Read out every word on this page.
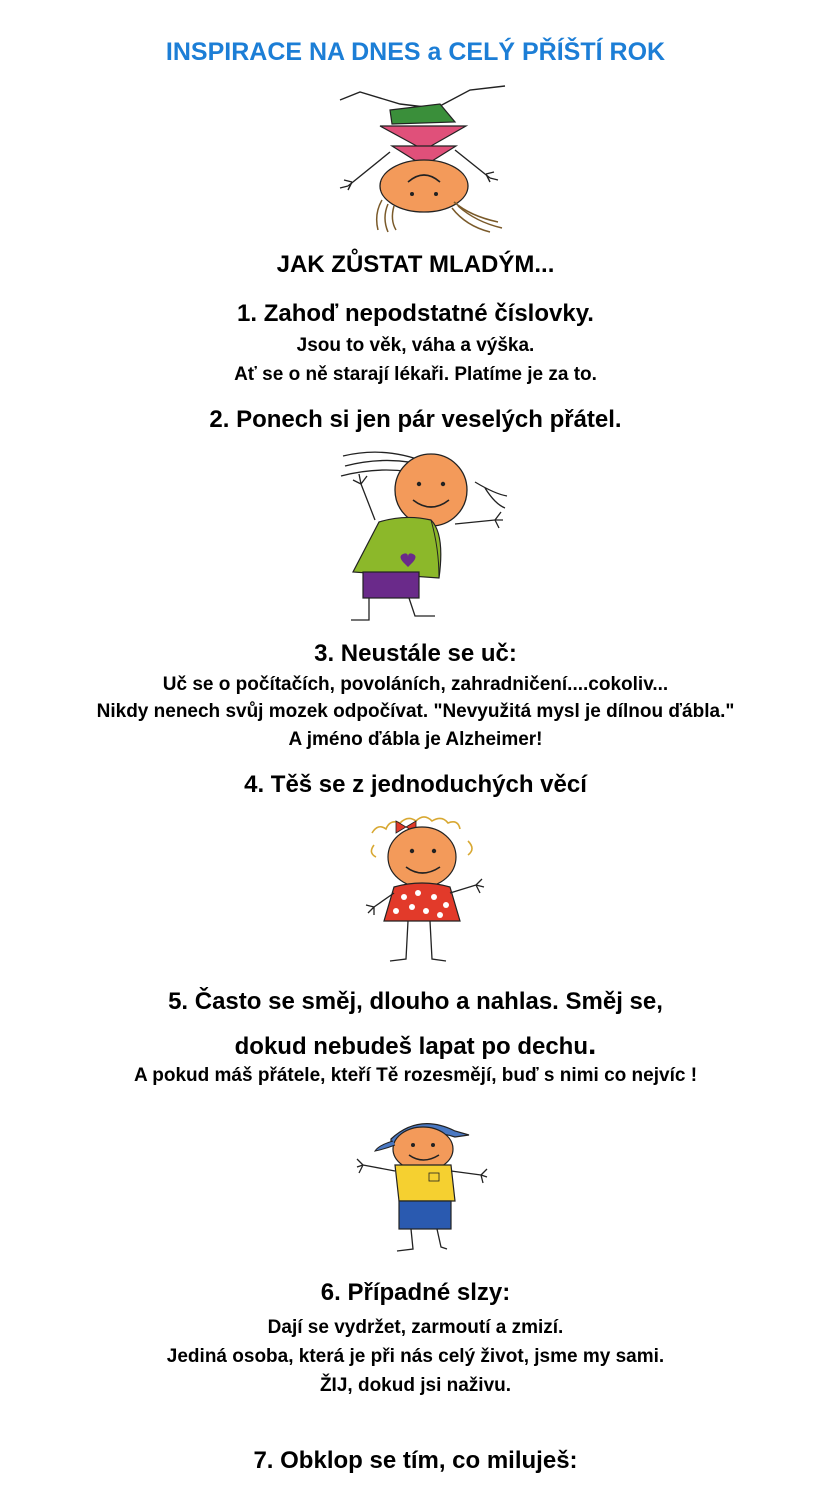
INSPIRACE NA DNES a CELÝ PŘÍŠTÍ ROK

JAK ZŮSTAT MLADÝM...

1. Zahoď nepodstatné číslovky.

Jsou to věk, váha a výška.

Ať se o ně starají lékaři. Platíme je za to.

2. Ponech si jen pár veselých přátel.

3. Neustále se uč:

Uč se o počítačích, povoláních, zahradničení....cokoliv...

Nikdy nenech svůj mozek odpočívat. "Nevyužitá mysl je dílnou ďábla."

A jméno ďábla je Alzheimer!

4. Těš se z jednoduchých věcí

5. Často se směj, dlouho a nahlas. Směj se,

dokud nebudeš lapat po dechu.

A pokud máš přátele, kteří Tě rozesmějí, buď s nimi co nejvíc !

6. Případné slzy:

Dají se vydržet, zarmoutí a zmizí.

Jediná osoba, která je při nás celý život, jsme my sami.

ŽIJ, dokud jsi naživu.

7. Obklop se tím, co miluješ:
